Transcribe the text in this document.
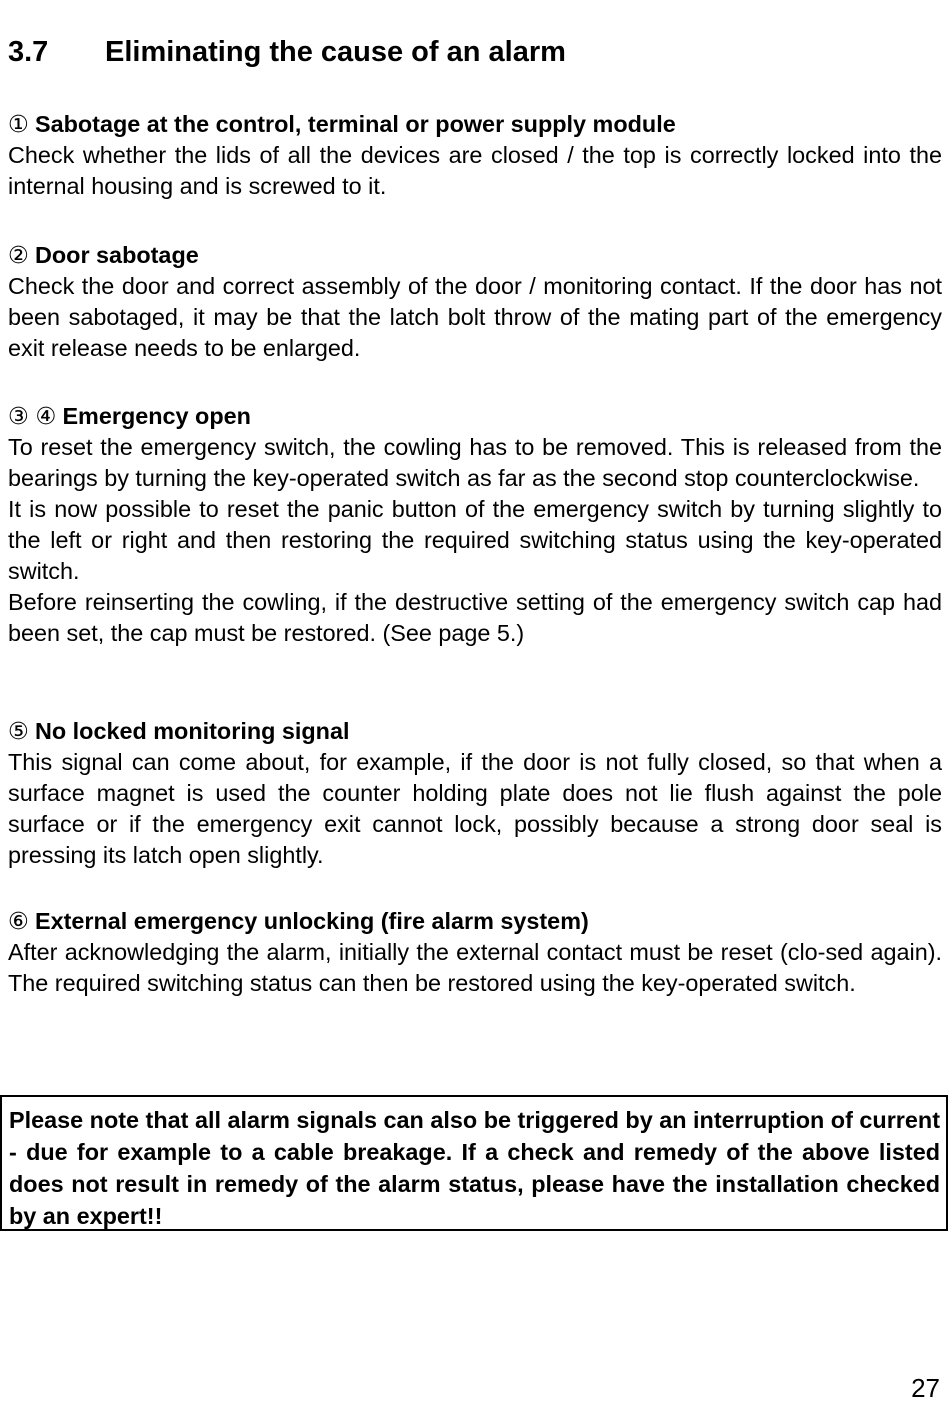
3.7	Eliminating the cause of an alarm
① Sabotage at the control, terminal or power supply module

Check whether the lids of all the devices are closed / the top is correctly locked into the internal housing and is screwed to it.

② Door sabotage

Check the door and correct assembly of the door / monitoring contact. If the door has not been sabotaged, it may be that the latch bolt throw of the mating part of the emergency exit release needs to be enlarged.

③ ④ Emergency open

To reset the emergency switch, the cowling has to be removed. This is released from the bearings by turning the key-operated switch as far as the second stop counterclockwise.

It is now possible to reset the panic button of the emergency switch by turning slightly to the left or right and then restoring the required switching status using the key-operated switch.

Before reinserting the cowling, if the destructive setting of the emergency switch cap had been set, the cap must be restored. (See page 5.)

⑤ No locked monitoring signal

This signal can come about, for example, if the door is not fully closed, so that when a surface magnet is used the counter holding plate does not lie flush against the pole surface or if the emergency exit cannot lock, possibly because a strong door seal is pressing its latch open slightly.

⑥ External emergency unlocking (fire alarm system)

After acknowledging the alarm, initially the external contact must be reset (clo-sed again). The required switching status can then be restored using the key-operated switch.

Please note that all alarm signals can also be triggered by an interruption of current - due for example to a cable breakage. If a check and remedy of the above listed does not result in remedy of the alarm status, please have the installation checked by an expert!!
27
